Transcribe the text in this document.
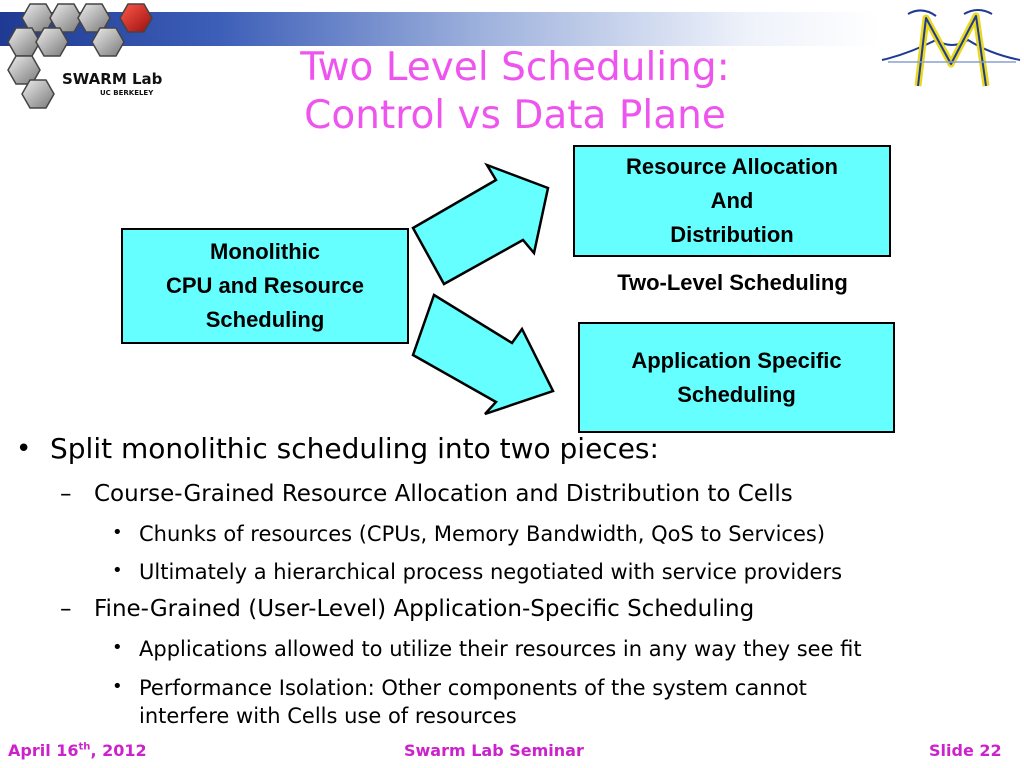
SWARM Lab
UC BERKELEY
Two Level Scheduling:
Control vs Data Plane
Monolithic
CPU and Resource
Scheduling
Resource Allocation
And
Distribution
Two-Level Scheduling
Application Specific
Scheduling
• Split monolithic scheduling into two pieces:
– Course-Grained Resource Allocation and Distribution to Cells
• Chunks of resources (CPUs, Memory Bandwidth, QoS to Services)
• Ultimately a hierarchical process negotiated with service providers
– Fine-Grained (User-Level) Application-Specific Scheduling
• Applications allowed to utilize their resources in any way they see fit
• Performance Isolation: Other components of the system cannot
interfere with Cells use of resources
April 16th, 2012	Swarm Lab Seminar	Slide 22
